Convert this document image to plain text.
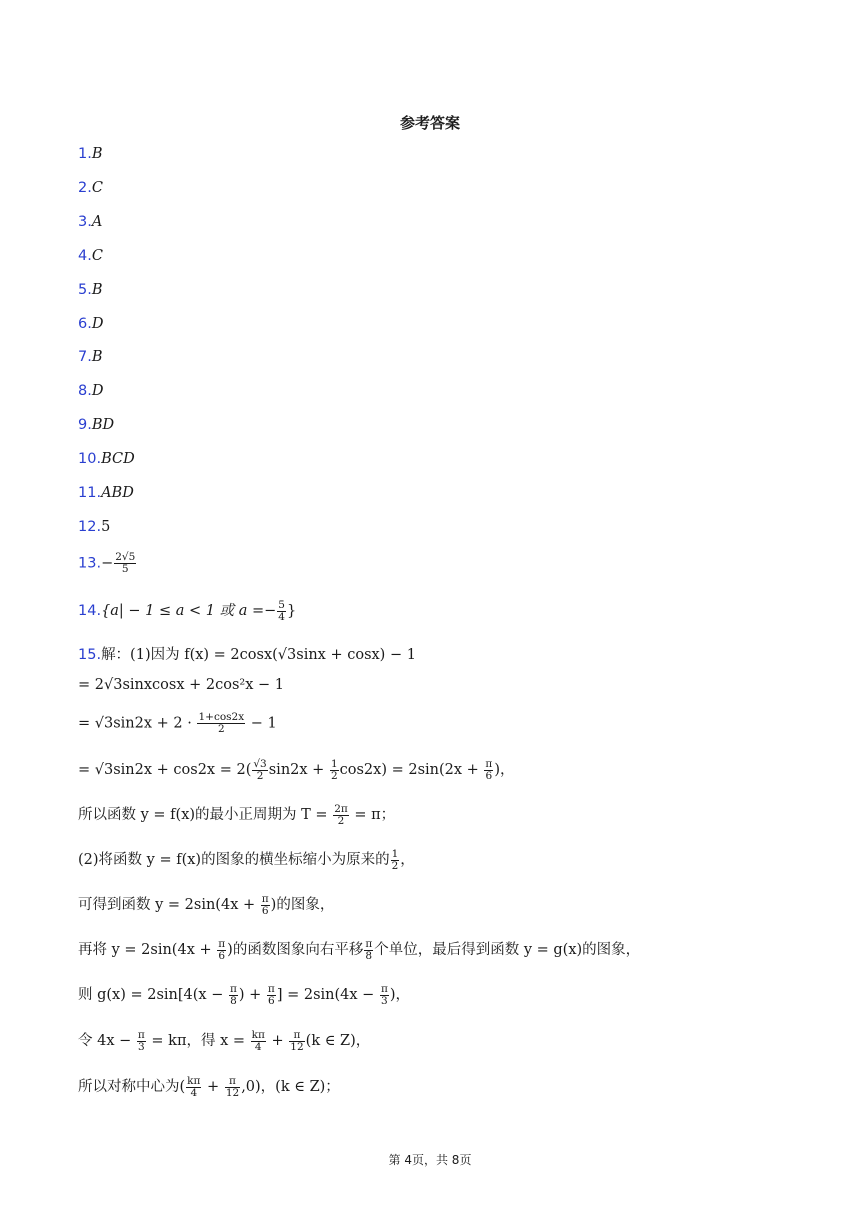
参考答案
1.B
2.C
3.A
4.C
5.B
6.D
7.B
8.D
9.BD
10.BCD
11.ABD
12.5
$13.- \frac{2√5}{5}$
14.{a| − 1 ≤ a < 1 或 $a =- \frac{5}{4}$ }
15.解：(1)因为 f(x) = 2cosx(√3sinx + cosx) − 1
= 2√3sinxcosx + 2cos²x − 1
= $√3\sin 2x + 2 \cdot \frac{1+\cos 2x}{2} - 1$
= $√3\sin 2x + \cos 2x = 2( \frac{√3}{2} \sin 2x + \frac{1}{2} \cos 2x) = 2\sin(2x + \frac{\pi}{6}$ )，
所以函数 y = f(x)的最小正周期为 $T = \frac{2\pi}{2} = \pi$；
(2)将函数 y = f(x)的图象的横坐标缩小为原来的 $\frac{1}{2}$ ，
可得到函数 $y = 2\sin(4x + \frac{\pi}{6}$ )的图象，
再将 $y = 2\sin(4x + \frac{\pi}{6}$ )的函数图象向右平移 $\frac{\pi}{8}$ 个单位，最后得到函数 y = g(x)的图象，
则 $g(x) = 2\sin[4(x - \frac{\pi}{8}$ ) + $\frac{\pi}{6}$ ] = $2\sin(4x - \frac{\pi}{3}$ )，
令 $4x - \frac{\pi}{3} = k\pi$，得 $x = \frac{k\pi}{4} + \frac{\pi}{12} (k$ ∈ Z)，
所以对称中心为( $\frac{k\pi}{4} + \frac{\pi}{12} ,0$)，(k ∈ Z)；
第 4页，共 8页
